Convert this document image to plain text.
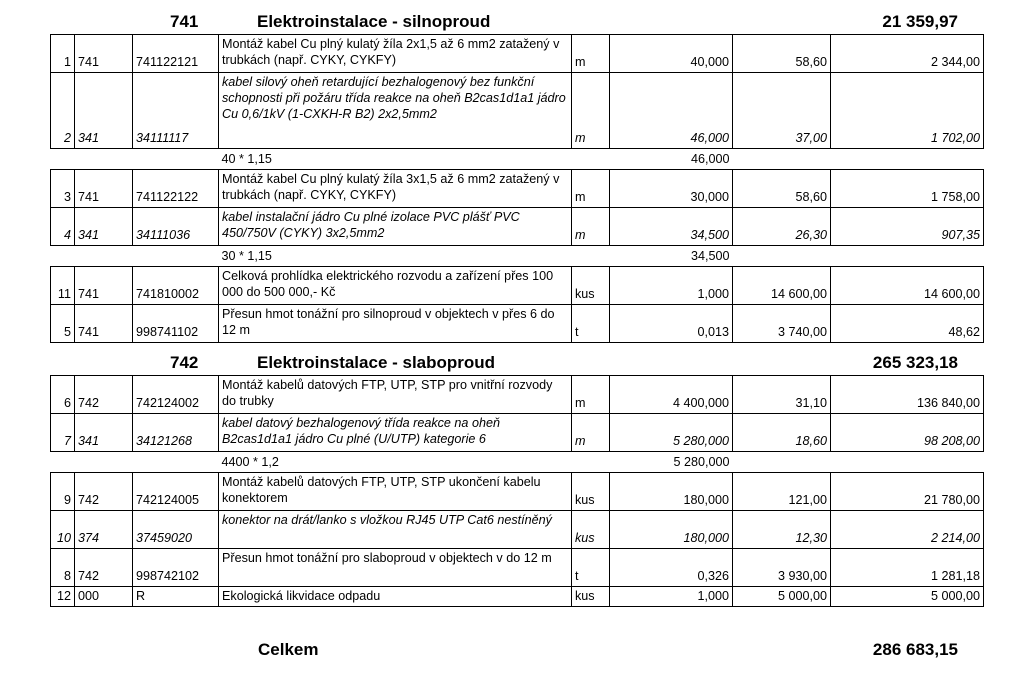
741	Elektroinstalace - silnoproud	21 359,97
1	741	741122121	Montáž kabel Cu plný kulatý žíla 2x1,5 až 6 mm2 zatažený v trubkách (např. CYKY, CYKFY)	m	40,000	58,60	2 344,00
2	341	34111117	kabel silový oheň retardující bezhalogenový bez funkční schopnosti při požáru třída reakce na oheň B2cas1d1a1 jádro Cu 0,6/1kV (1-CXKH-R B2) 2x2,5mm2	m	46,000	37,00	1 702,00
			40 * 1,15		46,000		
3	741	741122122	Montáž kabel Cu plný kulatý žíla 3x1,5 až 6 mm2 zatažený v trubkách (např. CYKY, CYKFY)	m	30,000	58,60	1 758,00
4	341	34111036	kabel instalační jádro Cu plné izolace PVC plášť PVC 450/750V (CYKY) 3x2,5mm2	m	34,500	26,30	907,35
			30 * 1,15		34,500		
11	741	741810002	Celková prohlídka elektrického rozvodu a zařízení přes 100 000 do 500 000,- Kč	kus	1,000	14 600,00	14 600,00
5	741	998741102	Přesun hmot tonážní pro silnoproud v objektech v přes 6 do 12 m	t	0,013	3 740,00	48,62
742	Elektroinstalace - slaboproud	265 323,18
6	742	742124002	Montáž kabelů datových FTP, UTP, STP pro vnitřní rozvody do trubky	m	4 400,000	31,10	136 840,00
7	341	34121268	kabel datový bezhalogenový třída reakce na oheň B2cas1d1a1 jádro Cu plné (U/UTP) kategorie 6	m	5 280,000	18,60	98 208,00
			4400 * 1,2		5 280,000		
9	742	742124005	Montáž kabelů datových FTP, UTP, STP ukončení kabelu konektorem	kus	180,000	121,00	21 780,00
10	374	37459020	konektor na drát/lanko s vložkou RJ45 UTP Cat6 nestíněný	kus	180,000	12,30	2 214,00
8	742	998742102	Přesun hmot tonážní pro slaboproud v objektech v do 12 m	t	0,326	3 930,00	1 281,18
12	000	R	Ekologická likvidace odpadu	kus	1,000	5 000,00	5 000,00
Celkem	286 683,15
